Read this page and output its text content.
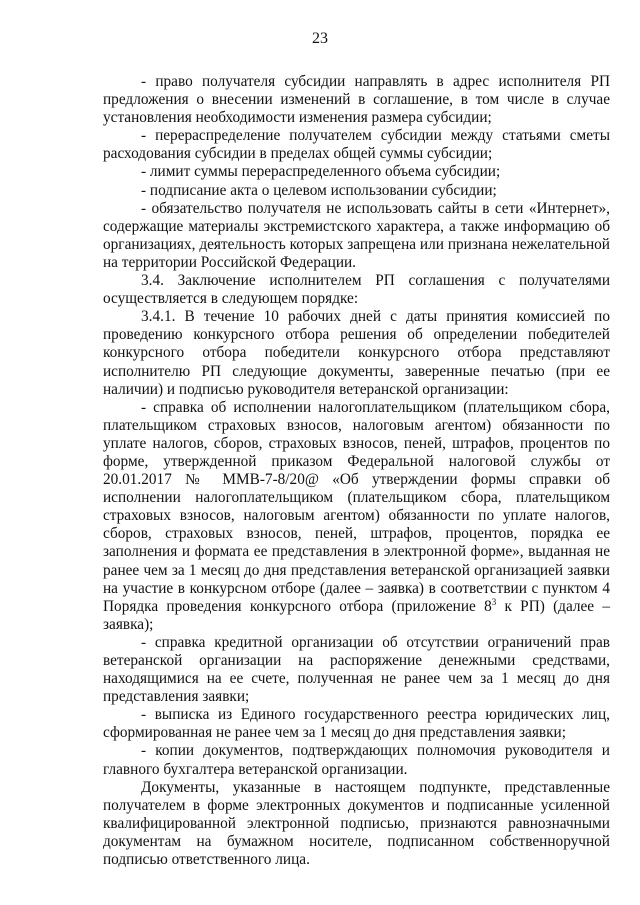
23

- право получателя субсидии направлять в адрес исполнителя РП предложения о внесении изменений в соглашение, в том числе в случае установления необходимости изменения размера субсидии;

- перераспределение получателем субсидии между статьями сметы расходования субсидии в пределах общей суммы субсидии;

- лимит суммы перераспределенного объема субсидии;

- подписание акта о целевом использовании субсидии;

- обязательство получателя не использовать сайты в сети «Интернет», содержащие материалы экстремистского характера, а также информацию об организациях, деятельность которых запрещена или признана нежелательной на территории Российской Федерации.

3.4. Заключение исполнителем РП соглашения с получателями осуществляется в следующем порядке:

3.4.1. В течение 10 рабочих дней с даты принятия комиссией по проведению конкурсного отбора решения об определении победителей конкурсного отбора победители конкурсного отбора представляют исполнителю РП следующие документы, заверенные печатью (при ее наличии) и подписью руководителя ветеранской организации:

- справка об исполнении налогоплательщиком (плательщиком сбора, плательщиком страховых взносов, налоговым агентом) обязанности по уплате налогов, сборов, страховых взносов, пеней, штрафов, процентов по форме, утвержденной приказом Федеральной налоговой службы от 20.01.2017 № ММВ-7-8/20@ «Об утверждении формы справки об исполнении налогоплательщиком (плательщиком сбора, плательщиком страховых взносов, налоговым агентом) обязанности по уплате налогов, сборов, страховых взносов, пеней, штрафов, процентов, порядка ее заполнения и формата ее представления в электронной форме», выданная не ранее чем за 1 месяц до дня представления ветеранской организацией заявки на участие в конкурсном отборе (далее – заявка) в соответствии с пунктом 4 Порядка проведения конкурсного отбора (приложение $8^3$ к РП) (далее – заявка);

- справка кредитной организации об отсутствии ограничений прав ветеранской организации на распоряжение денежными средствами, находящимися на ее счете, полученная не ранее чем за 1 месяц до дня представления заявки;

- выписка из Единого государственного реестра юридических лиц, сформированная не ранее чем за 1 месяц до дня представления заявки;

- копии документов, подтверждающих полномочия руководителя и главного бухгалтера ветеранской организации.

Документы, указанные в настоящем подпункте, представленные получателем в форме электронных документов и подписанные усиленной квалифицированной электронной подписью, признаются равнозначными документам на бумажном носителе, подписанном собственноручной подписью ответственного лица.
